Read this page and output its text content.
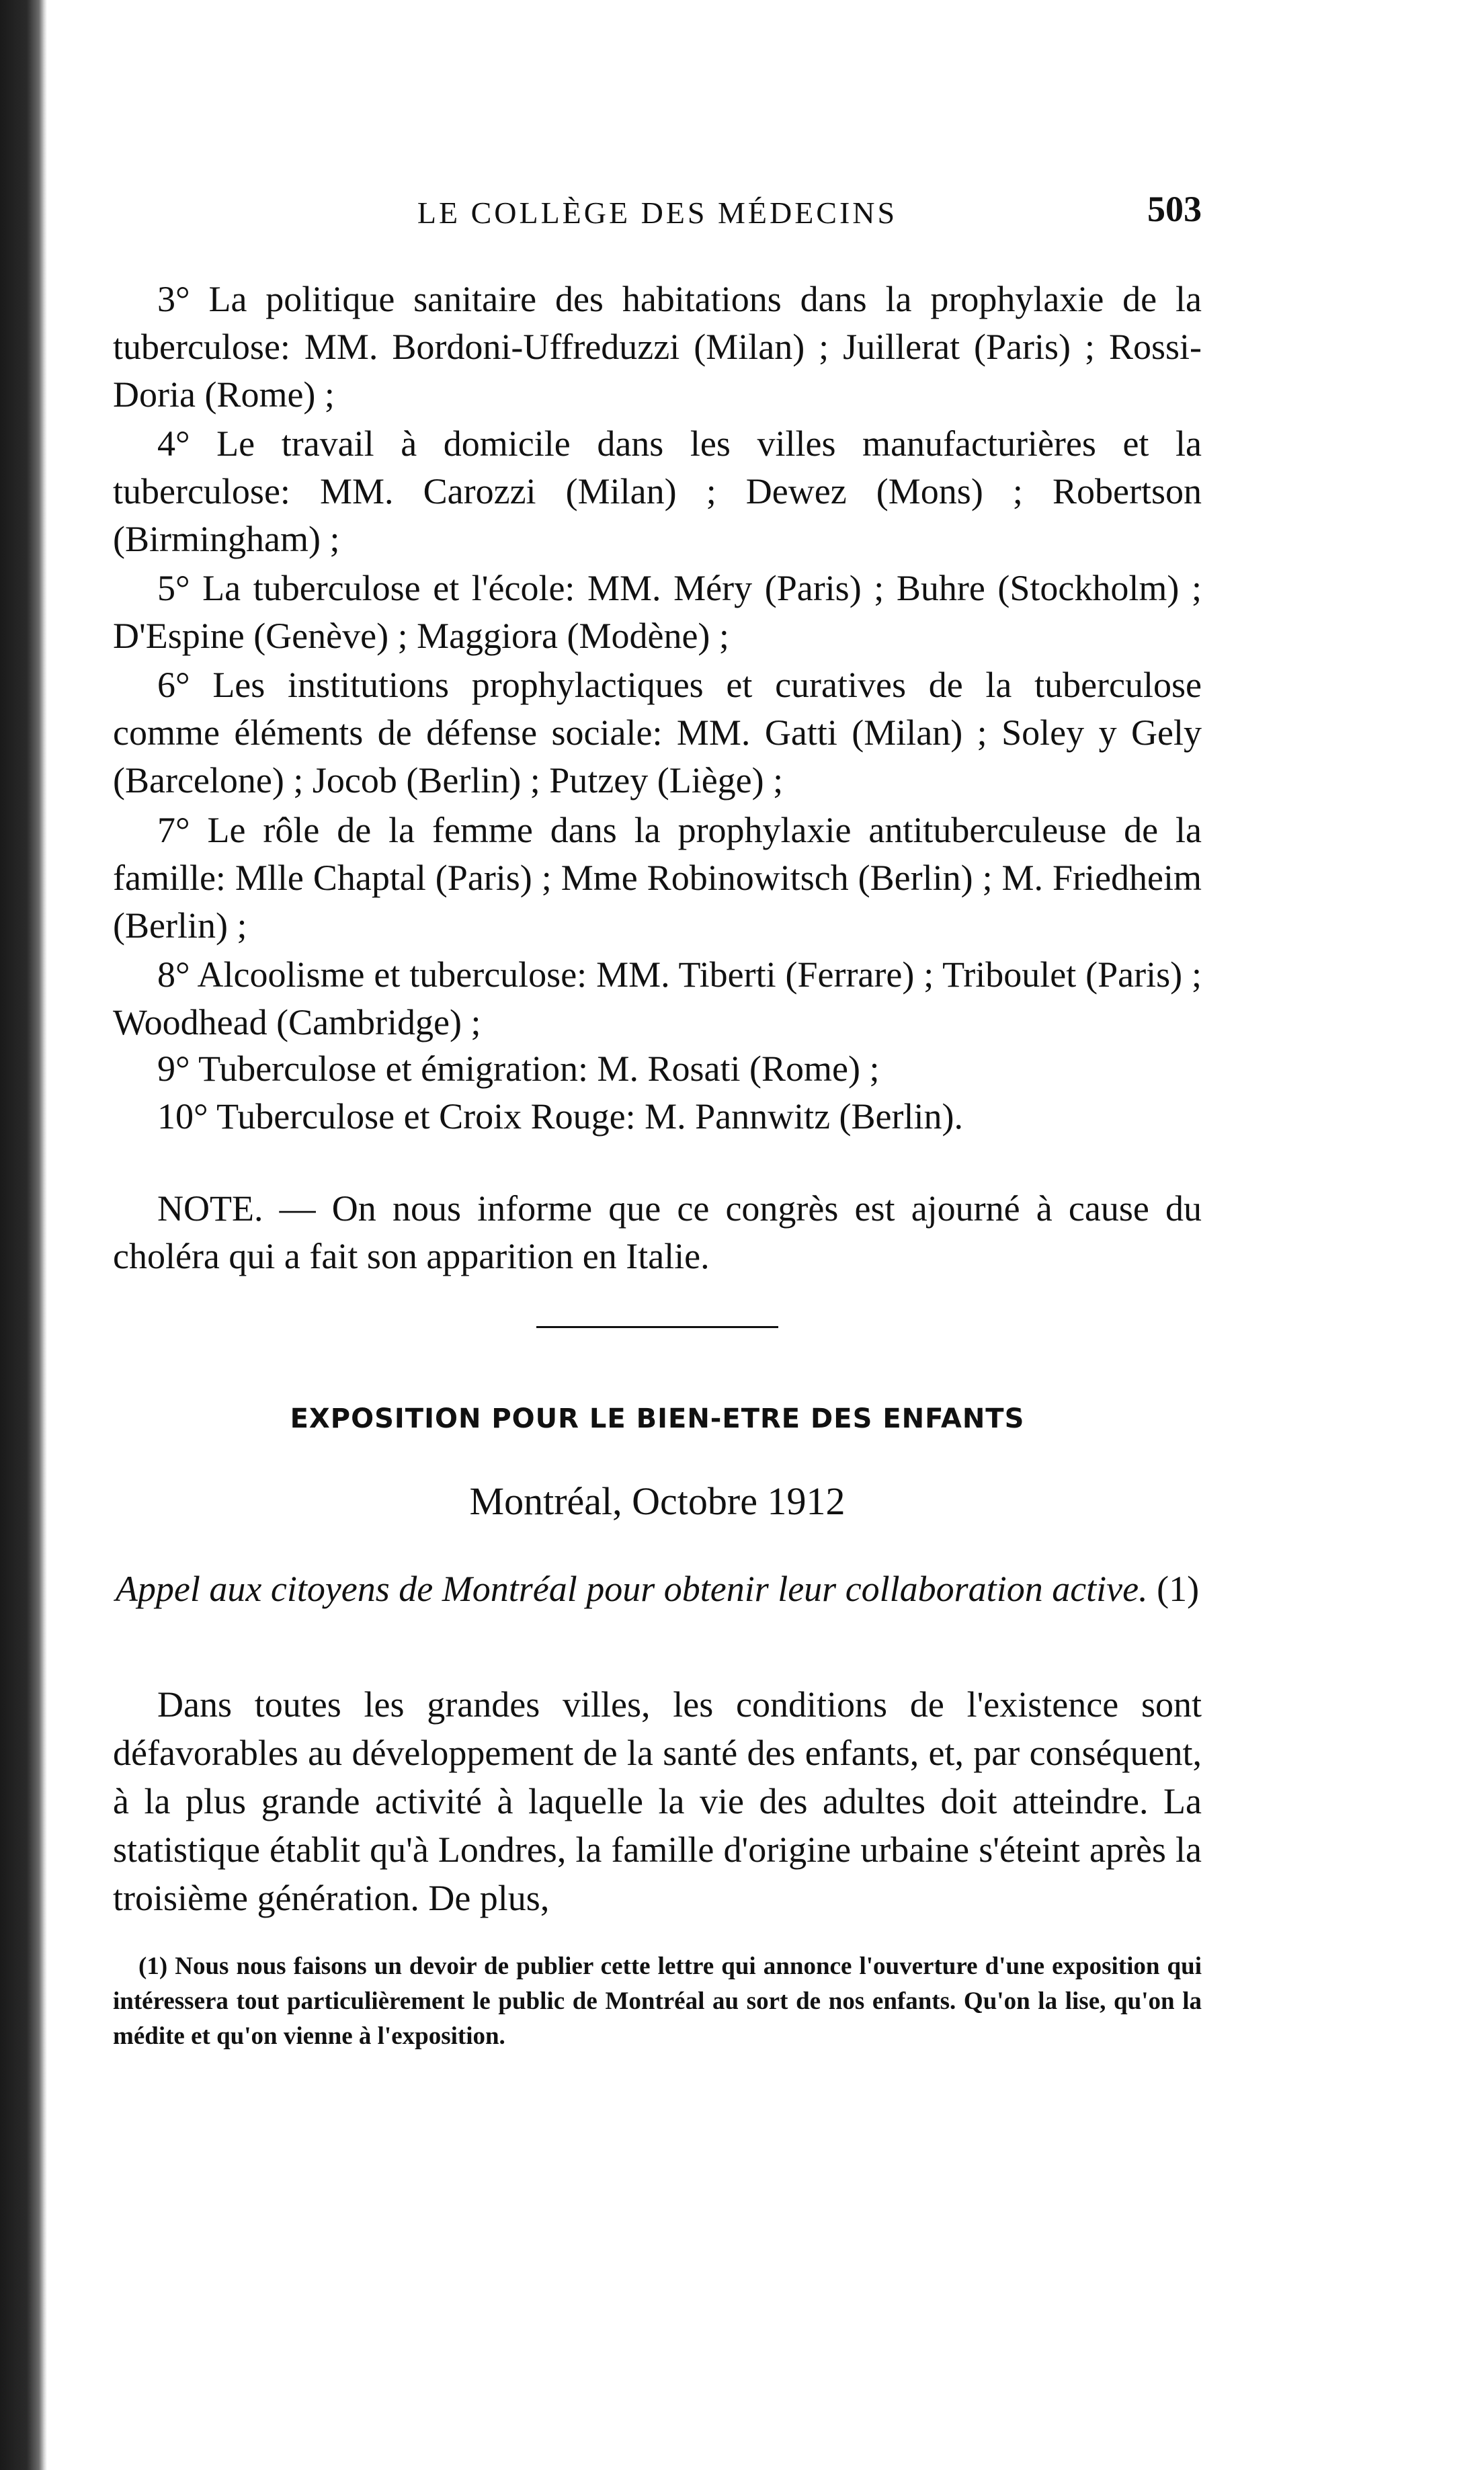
LE COLLÈGE DES MÉDECINS	503

3° La politique sanitaire des habitations dans la prophylaxie de la tuberculose: MM. Bordoni-Uffreduzzi (Milan) ; Juillerat (Paris) ; Rossi- Doria (Rome) ;

4° Le travail à domicile dans les villes manufacturières et la tuberculose: MM. Carozzi (Milan) ; Dewez (Mons) ; Robertson (Birmingham) ;

5° La tuberculose et l'école: MM. Méry (Paris) ; Buhre (Stockholm) ; D'Espine (Genève) ; Maggiora (Modène) ;

6° Les institutions prophylactiques et curatives de la tuberculose comme éléments de défense sociale: MM. Gatti (Milan) ; Soley y Gely (Barcelone) ; Jocob (Berlin) ; Putzey (Liège) ;

7° Le rôle de la femme dans la prophylaxie antituberculeuse de la famille: Mlle Chaptal (Paris) ; Mme Robinowitsch (Berlin) ; M. Friedheim (Berlin) ;

8° Alcoolisme et tuberculose: MM. Tiberti (Ferrare) ; Triboulet (Paris) ; Woodhead (Cambridge) ;

9° Tuberculose et émigration: M. Rosati (Rome) ;

10° Tuberculose et Croix Rouge: M. Pannwitz (Berlin).

NOTE. — On nous informe que ce congrès est ajourné à cause du choléra qui a fait son apparition en Italie.

EXPOSITION POUR LE BIEN-ETRE DES ENFANTS
Montréal, Octobre 1912

Appel aux citoyens de Montréal pour obtenir leur collaboration active. (1)

Dans toutes les grandes villes, les conditions de l'existence sont défavorables au développement de la santé des enfants, et, par conséquent, à la plus grande activité à laquelle la vie des adultes doit atteindre. La statistique établit qu'à Londres, la famille d'origine urbaine s'éteint après la troisième génération. De plus,

(1) Nous nous faisons un devoir de publier cette lettre qui annonce l'ouverture d'une exposition qui intéressera tout particulièrement le public de Montréal au sort de nos enfants. Qu'on la lise, qu'on la médite et qu'on vienne à l'exposition.
